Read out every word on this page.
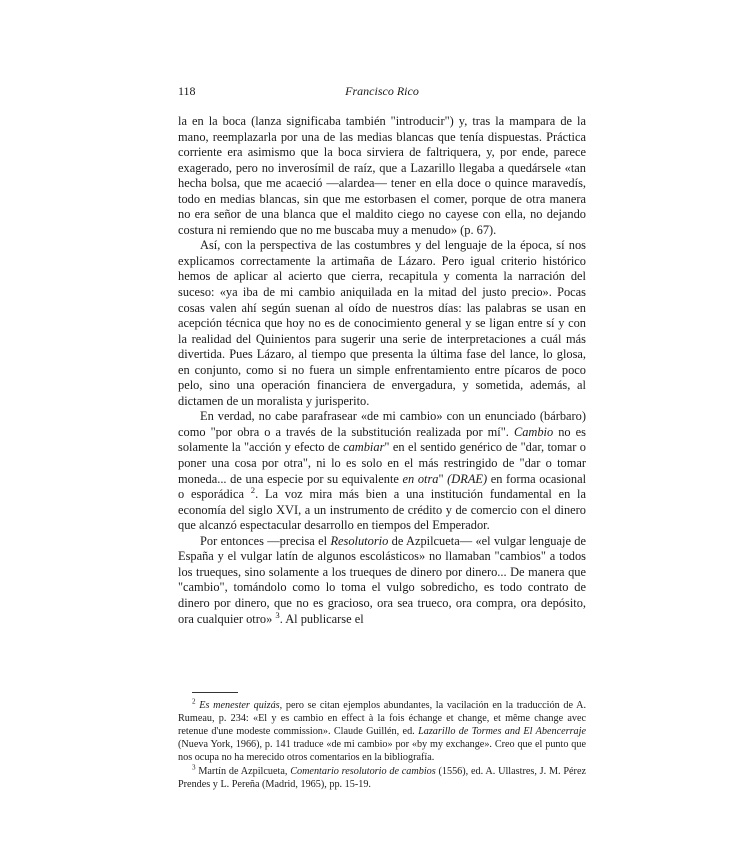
118	Francisco Rico

la en la boca (lanza significaba también "introducir") y, tras la mampara de la mano, reemplazarla por una de las medias blancas que tenía dispuestas. Práctica corriente era asimismo que la boca sirviera de faltriquera, y, por ende, parece exagerado, pero no inverosímil de raíz, que a Lazarillo llegaba a quedársele «tan hecha bolsa, que me acaeció —alardea— tener en ella doce o quince maravedís, todo en medias blancas, sin que me estorbasen el comer, porque de otra manera no era señor de una blanca que el maldito ciego no cayese con ella, no dejando costura ni remiendo que no me buscaba muy a menudo» (p. 67).

Así, con la perspectiva de las costumbres y del lenguaje de la época, sí nos explicamos correctamente la artimaña de Lázaro. Pero igual criterio histórico hemos de aplicar al acierto que cierra, recapitula y comenta la narración del suceso: «ya iba de mi cambio aniquilada en la mitad del justo precio». Pocas cosas valen ahí según suenan al oído de nuestros días: las palabras se usan en acepción técnica que hoy no es de conocimiento general y se ligan entre sí y con la realidad del Quinientos para sugerir una serie de interpretaciones a cuál más divertida. Pues Lázaro, al tiempo que presenta la última fase del lance, lo glosa, en conjunto, como si no fuera un simple enfrentamiento entre pícaros de poco pelo, sino una operación financiera de envergadura, y sometida, además, al dictamen de un moralista y jurisperito.

En verdad, no cabe parafrasear «de mi cambio» con un enunciado (bárbaro) como "por obra o a través de la substitución realizada por mí". Cambio no es solamente la "acción y efecto de cambiar" en el sentido genérico de "dar, tomar o poner una cosa por otra", ni lo es solo en el más restringido de "dar o tomar moneda... de una especie por su equivalente en otra" (DRAE) en forma ocasional o esporádica $^2$. La voz mira más bien a una institución fundamental en la economía del siglo XVI, a un instrumento de crédito y de comercio con el dinero que alcanzó espectacular desarrollo en tiempos del Emperador.

Por entonces —precisa el Resolutorio de Azpilcueta— «el vulgar lenguaje de España y el vulgar latín de algunos escolásticos» no llamaban "cambios" a todos los trueques, sino solamente a los trueques de dinero por dinero... De manera que "cambio", tomándolo como lo toma el vulgo sobredicho, es todo contrato de dinero por dinero, que no es gracioso, ora sea trueco, ora compra, ora depósito, ora cualquier otro» $^3$. Al publicarse el

$^2$ Es menester quizás, pero se citan ejemplos abundantes, la vacilación en la traducción de A. Rumeau, p. 234: «El y es cambio en effect à la fois échange et change, et même change avec retenue d'une modeste commission». Claude Guillén, ed. Lazarillo de Tormes and El Abencerraje (Nueva York, 1966), p. 141 traduce «de mi cambio» por «by my exchange». Creo que el punto que nos ocupa no ha merecido otros comentarios en la bibliografía.

$^3$ Martín de Azpilcueta, Comentario resolutorio de cambios (1556), ed. A. Ullastres, J. M. Pérez Prendes y L. Pereña (Madrid, 1965), pp. 15-19.
